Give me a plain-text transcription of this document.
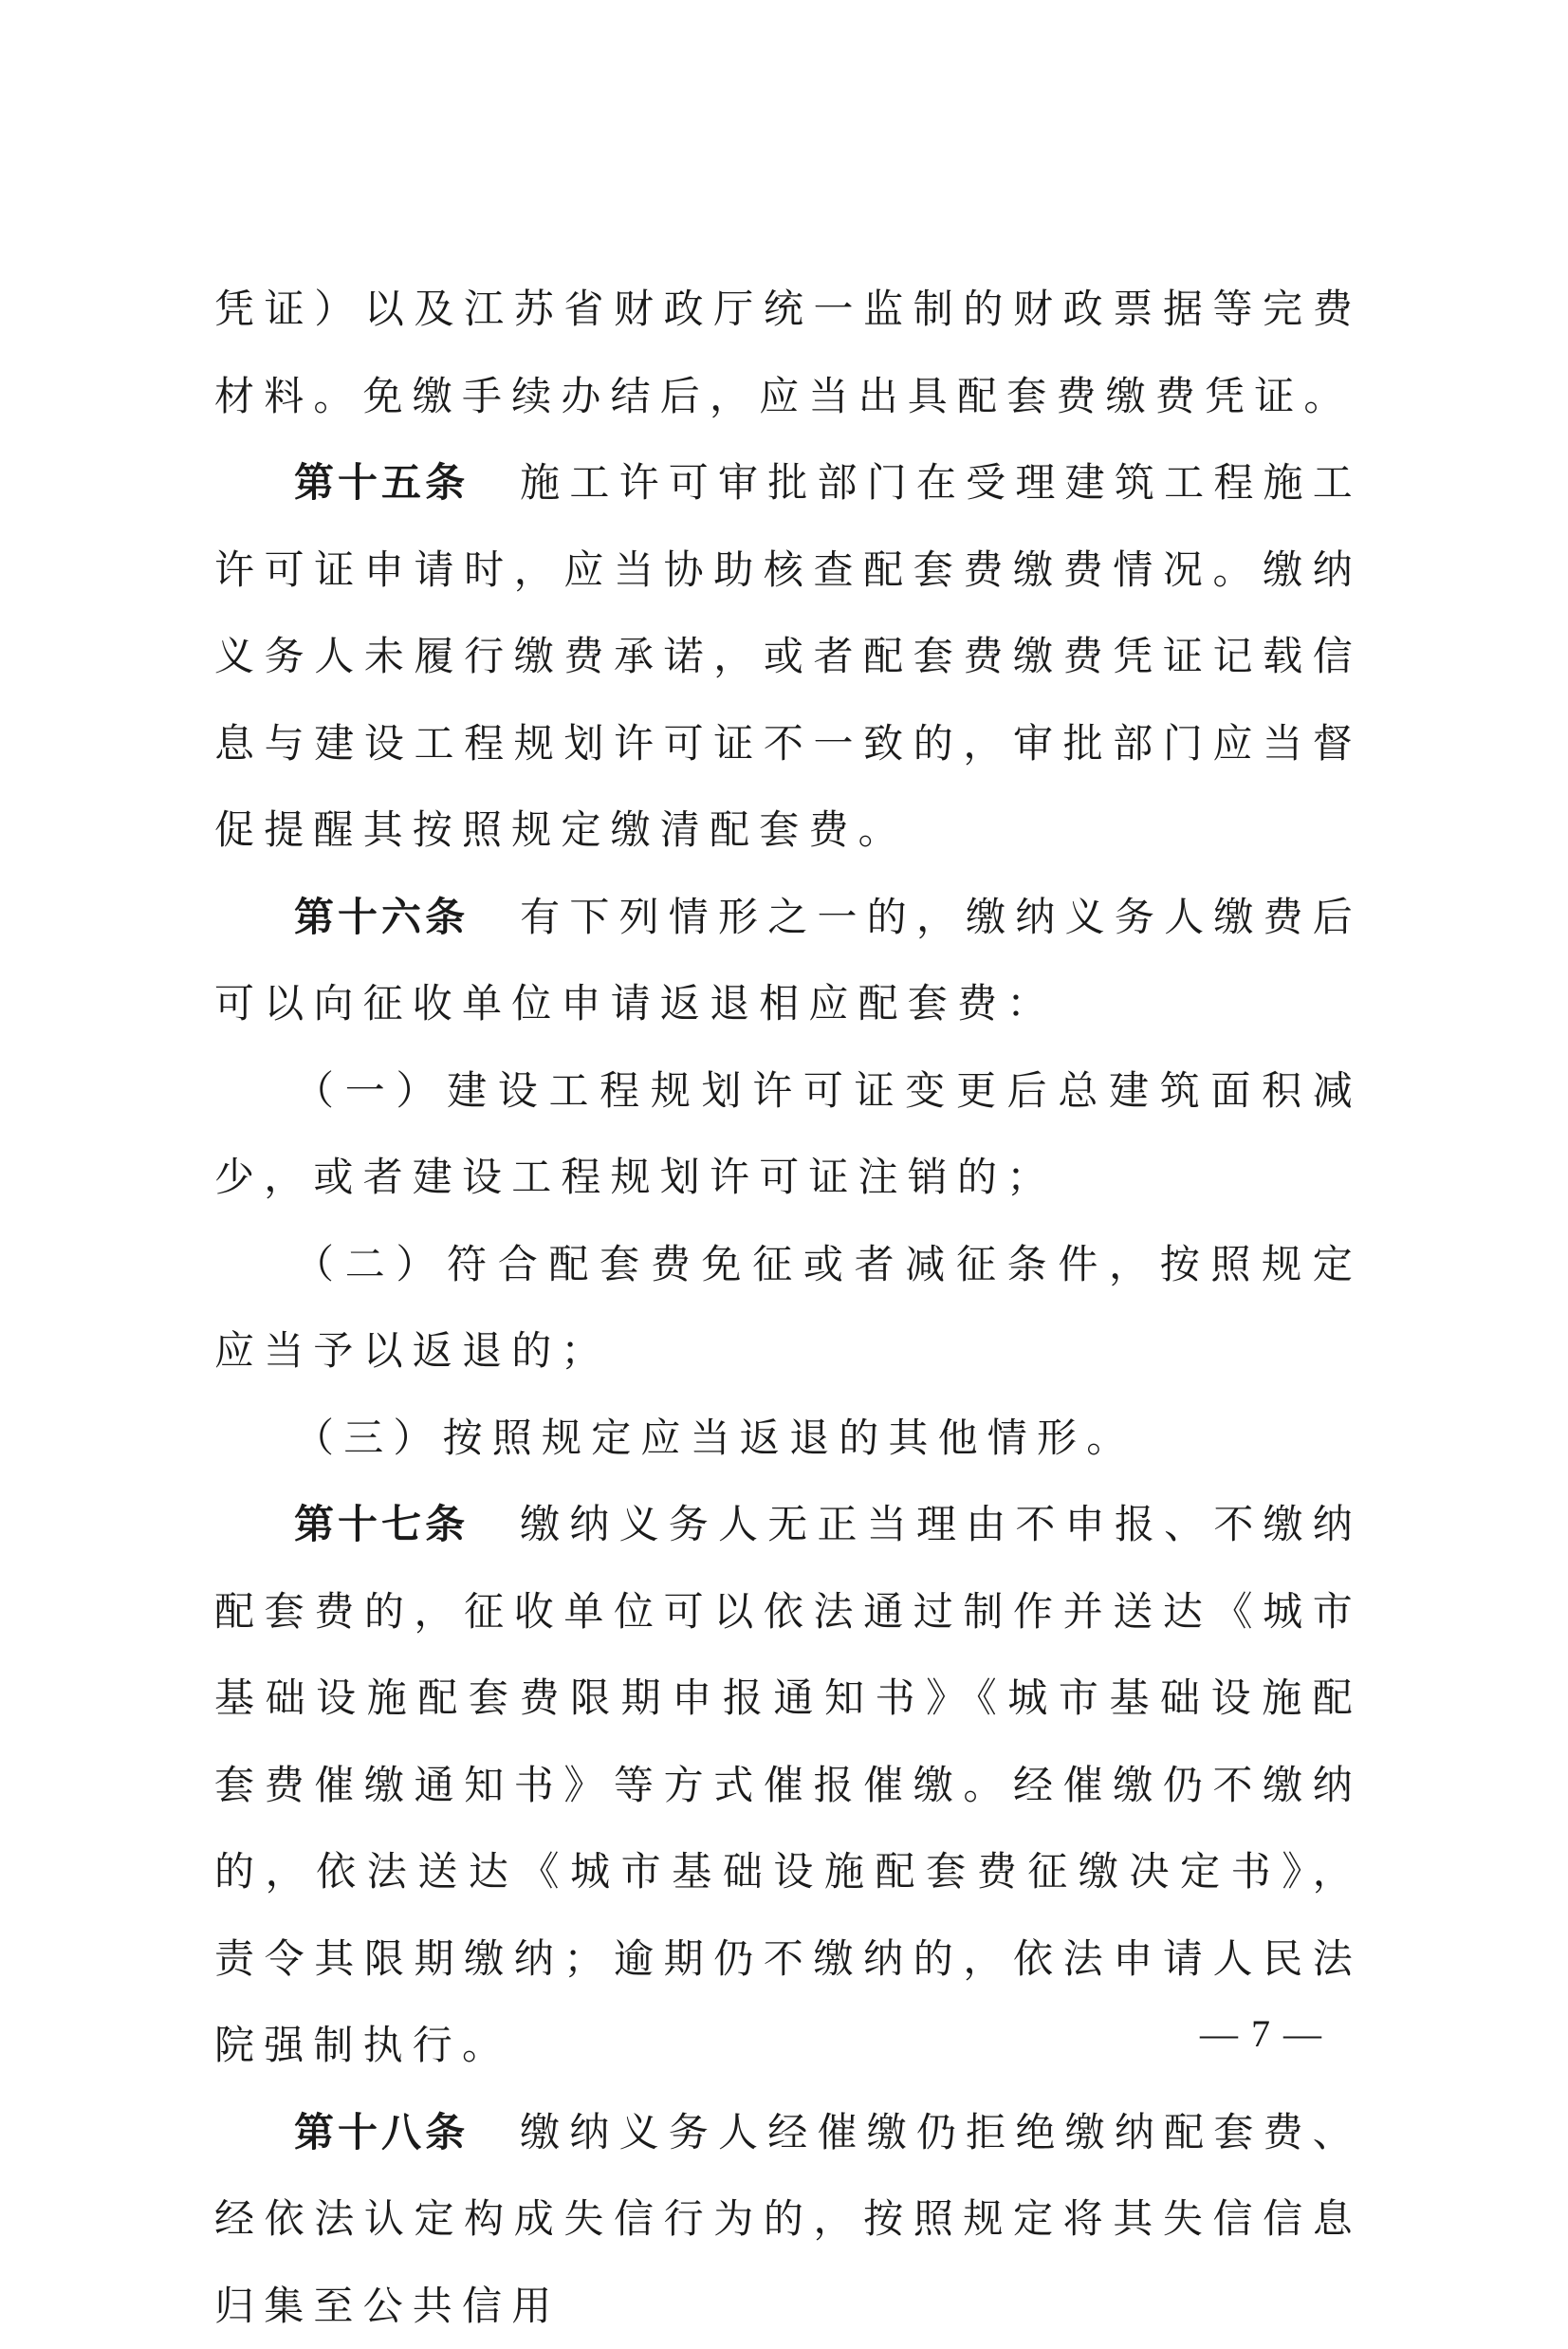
凭证）以及江苏省财政厅统一监制的财政票据等完费材料。免缴手续办结后，应当出具配套费缴费凭证。

第十五条 施工许可审批部门在受理建筑工程施工许可证申请时，应当协助核查配套费缴费情况。缴纳义务人未履行缴费承诺，或者配套费缴费凭证记载信息与建设工程规划许可证不一致的，审批部门应当督促提醒其按照规定缴清配套费。

第十六条 有下列情形之一的，缴纳义务人缴费后可以向征收单位申请返退相应配套费：

（一）建设工程规划许可证变更后总建筑面积减少，或者建设工程规划许可证注销的；

（二）符合配套费免征或者减征条件，按照规定应当予以返退的；

（三）按照规定应当返退的其他情形。

第十七条 缴纳义务人无正当理由不申报、不缴纳配套费的，征收单位可以依法通过制作并送达《城市基础设施配套费限期申报通知书》《城市基础设施配套费催缴通知书》等方式催报催缴。经催缴仍不缴纳的，依法送达《城市基础设施配套费征缴决定书》，责令其限期缴纳；逾期仍不缴纳的，依法申请人民法院强制执行。

第十八条 缴纳义务人经催缴仍拒绝缴纳配套费、经依法认定构成失信行为的，按照规定将其失信信息归集至公共信用

— 7 —
